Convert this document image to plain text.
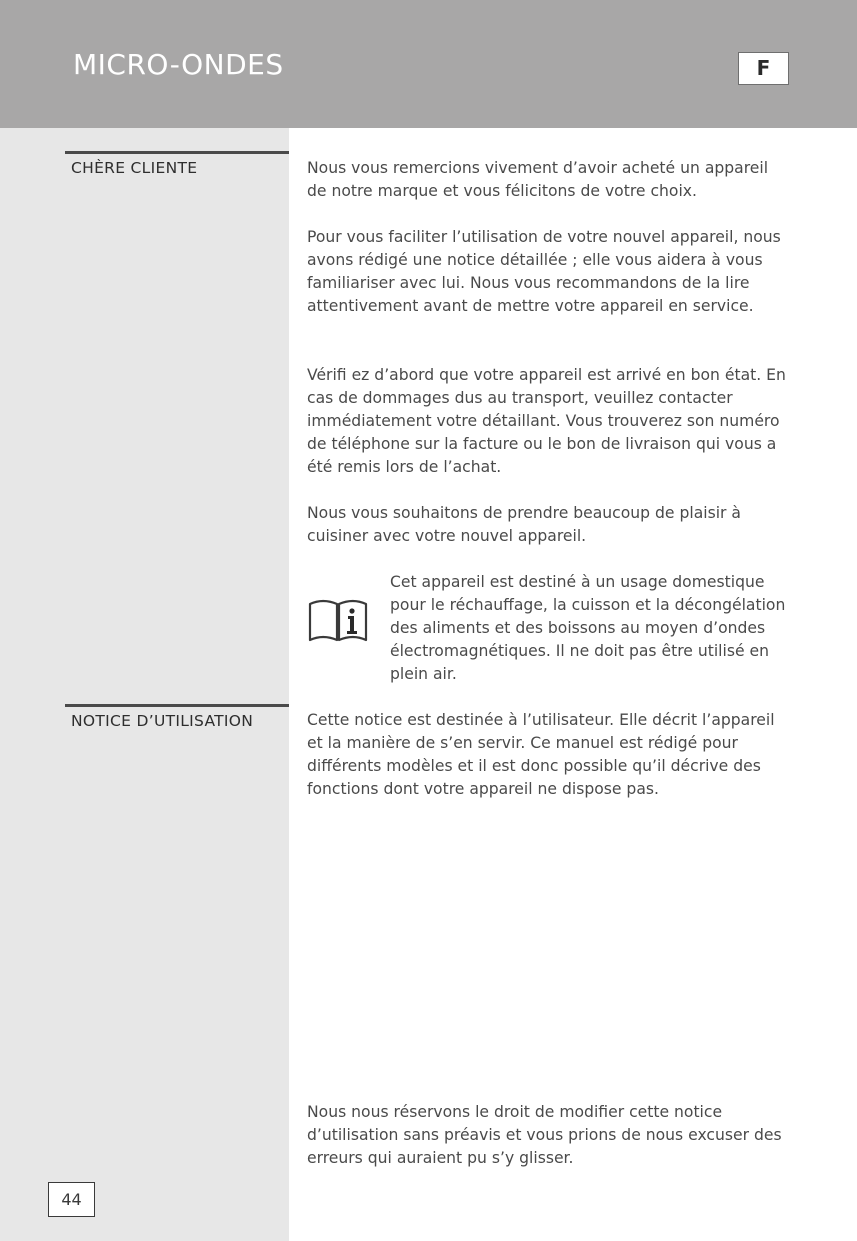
MICRO-ONDES	F
CHÈRE CLIENTE	Nous vous remercions vivement d’avoir acheté un appareil de notre marque et vous félicitons de votre choix.

Pour vous faciliter l’utilisation de votre nouvel appareil, nous avons rédigé une notice détaillée ; elle vous aidera à vous familiariser avec lui. Nous vous recommandons de la lire attentivement avant de mettre votre appareil en service.

Vérifi ez d’abord que votre appareil est arrivé en bon état. En cas de dommages dus au transport, veuillez contacter immédiatement votre détaillant. Vous trouverez son numéro de téléphone sur la facture ou le bon de livraison qui vous a été remis lors de l’achat.

Nous vous souhaitons de prendre beaucoup de plaisir à cuisiner avec votre nouvel appareil.

Cet appareil est destiné à un usage domestique pour le réchauffage, la cuisson et la décongélation des aliments et des boissons au moyen d’ondes électromagnétiques. Il ne doit pas être utilisé en plein air.

NOTICE D’UTILISATION	Cette notice est destinée à l’utilisateur. Elle décrit l’appareil et la manière de s’en servir. Ce manuel est rédigé pour différents modèles et il est donc possible qu’il décrive des fonctions dont votre appareil ne dispose pas.

Nous nous réservons le droit de modifier cette notice d’utilisation sans préavis et vous prions de nous excuser des erreurs qui auraient pu s’y glisser.

44
